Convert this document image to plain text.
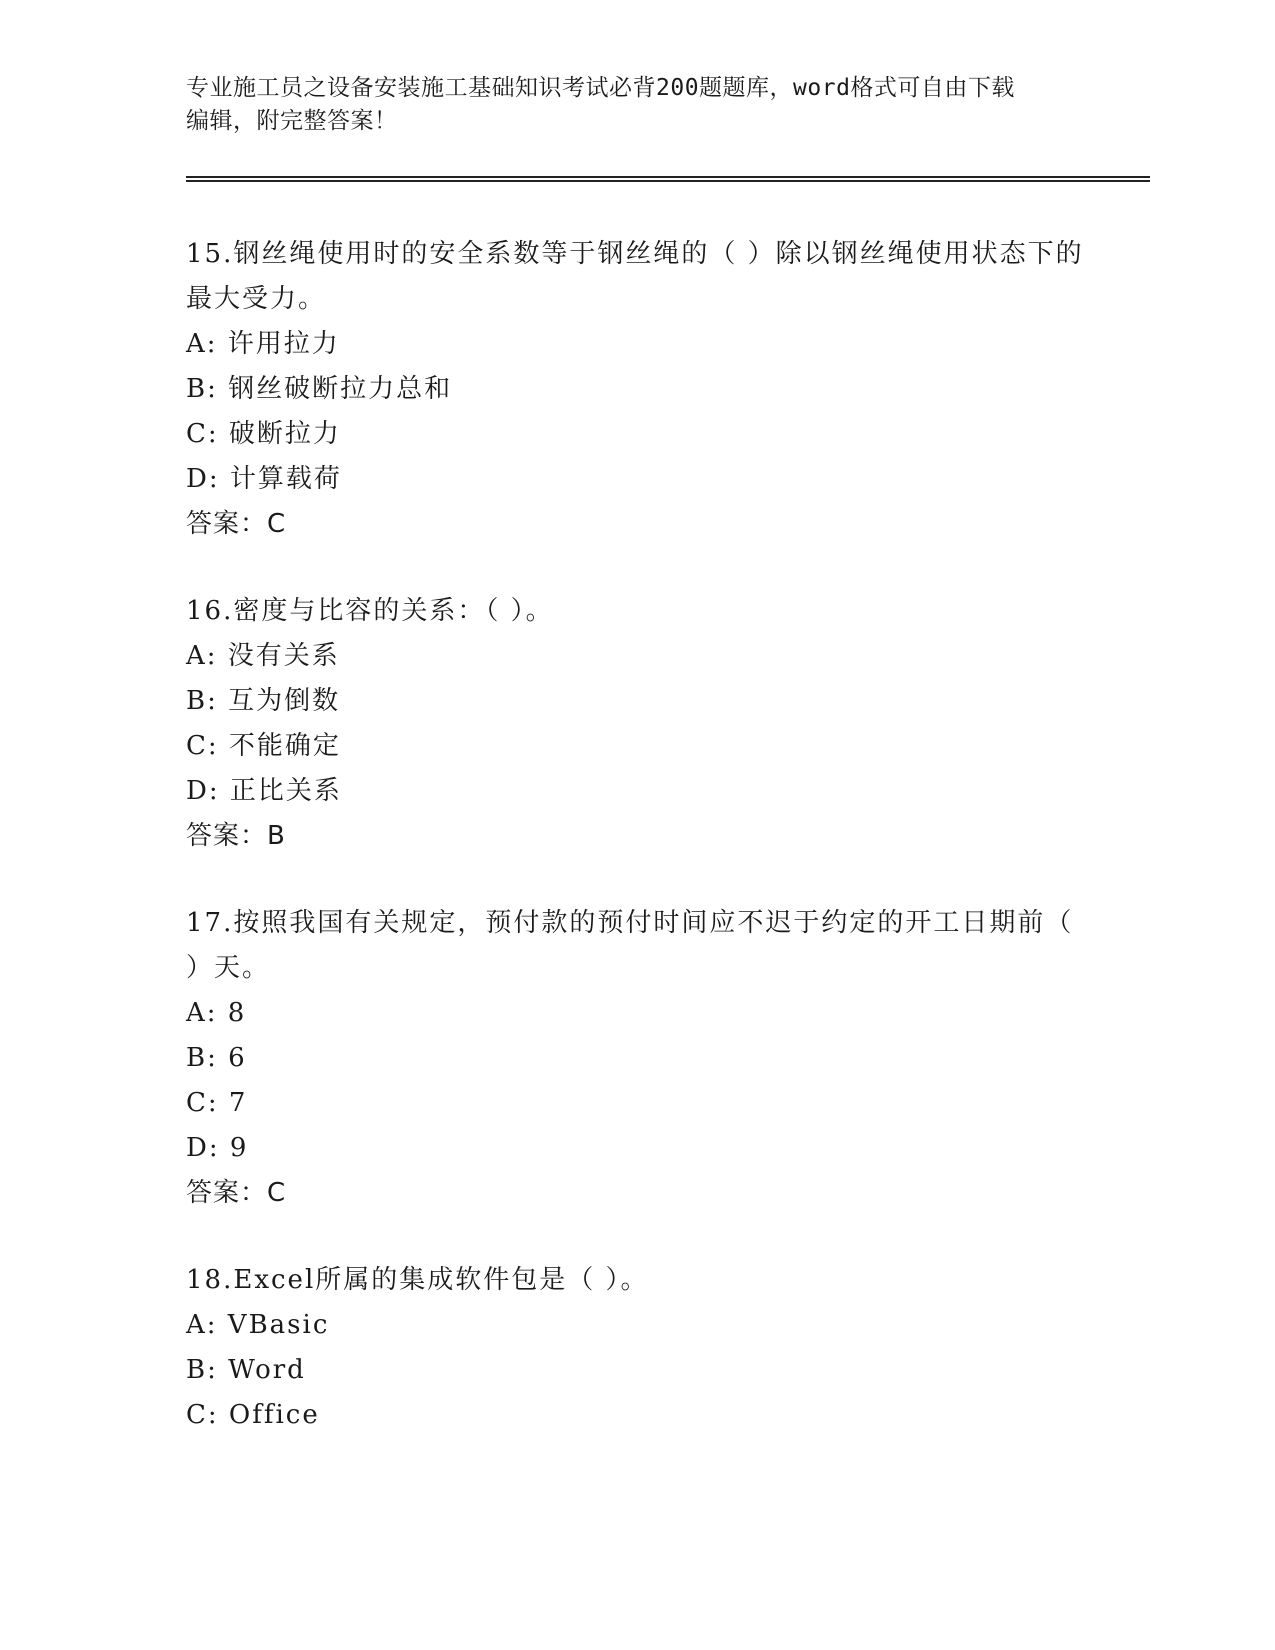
专业施工员之设备安装施工基础知识考试必背200题题库，word格式可自由下载
编辑，附完整答案！

15.钢丝绳使用时的安全系数等于钢丝绳的（ ）除以钢丝绳使用状态下的最大受力。

A: 许用拉力

B: 钢丝破断拉力总和

C: 破断拉力

D: 计算载荷

答案：C

16.密度与比容的关系：（ ）。

A: 没有关系

B: 互为倒数

C: 不能确定

D: 正比关系

答案：B

17.按照我国有关规定，预付款的预付时间应不迟于约定的开工日期前（ ）天。

A: 8

B: 6

C: 7

D: 9

答案：C

18.Excel所属的集成软件包是（ ）。

A: VBasic

B: Word

C: Office
